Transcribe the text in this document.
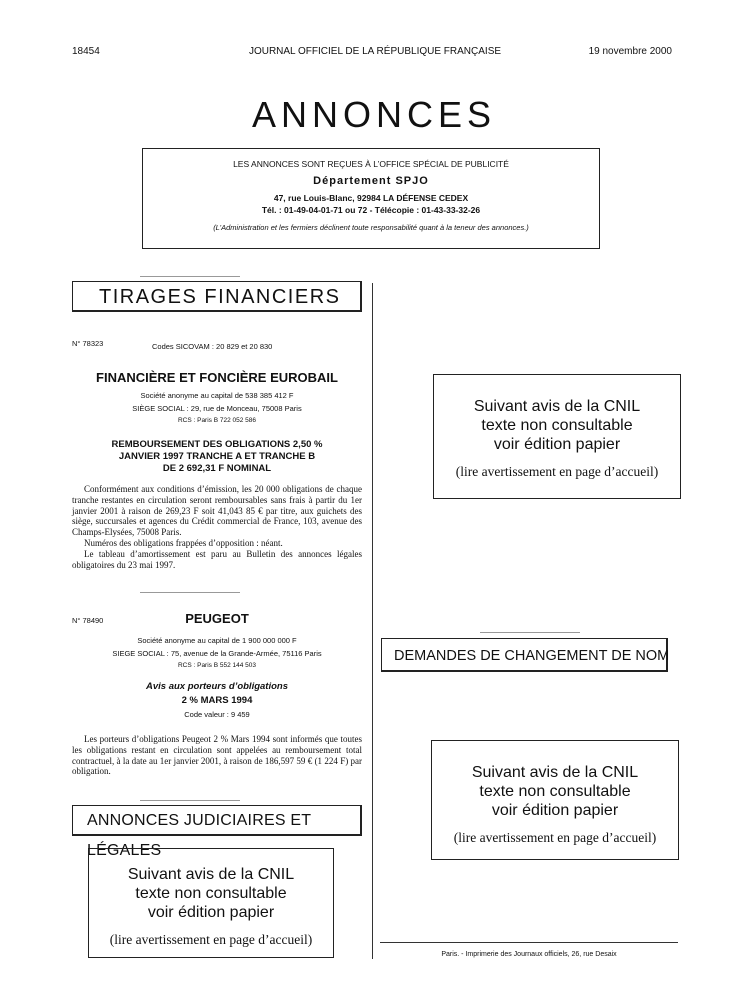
18454	JOURNAL OFFICIEL DE LA RÉPUBLIQUE FRANÇAISE	19 novembre 2000
ANNONCES
LES ANNONCES SONT REÇUES À L’OFFICE SPÉCIAL DE PUBLICITÉ
Département SPJO
47, rue Louis-Blanc, 92984 LA DÉFENSE CEDEX
Tél. : 01-49-04-01-71 ou 72 - Télécopie : 01-43-33-32-26
(L’Administration et les fermiers déclinent toute responsabilité quant à la teneur des annonces.)
TIRAGES FINANCIERS
N° 78323	Codes SICOVAM : 20 829 et 20 830
FINANCIÈRE ET FONCIÈRE EUROBAIL
Société anonyme au capital de 538 385 412 F
SIÈGE SOCIAL : 29, rue de Monceau, 75008 Paris
RCS : Paris B 722 052 586
REMBOURSEMENT DES OBLIGATIONS 2,50 %
JANVIER 1997 TRANCHE A ET TRANCHE B
DE 2 692,31 F NOMINAL
Conformément aux conditions d’émission, les 20 000 obligations de chaque tranche restantes en circulation seront remboursables sans frais à partir du 1er janvier 2001 à raison de 269,23 F soit 41,043 85 € par titre, aux guichets des siège, succursales et agences du Crédit commercial de France, 103, avenue des Champs-Elysées, 75008 Paris.
Numéros des obligations frappées d’opposition : néant.
Le tableau d’amortissement est paru au Bulletin des annonces légales obligatoires du 23 mai 1997.
N° 78490	PEUGEOT
Société anonyme au capital de 1 900 000 000 F
SIEGE SOCIAL : 75, avenue de la Grande-Armée, 75116 Paris
RCS : Paris B 552 144 503
Avis aux porteurs d’obligations
2 % MARS 1994
Code valeur : 9 459
Les porteurs d’obligations Peugeot 2 % Mars 1994 sont informés que toutes les obligations restant en circulation sont appelées au remboursement total contractuel, à la date au 1er janvier 2001, à raison de 186,597 59 € (1 224 F) par obligation.
ANNONCES JUDICIAIRES ET LÉGALES
Suivant avis de la CNIL
texte non consultable
voir édition papier
(lire avertissement en page d’accueil)
Suivant avis de la CNIL
texte non consultable
voir édition papier
(lire avertissement en page d’accueil)
DEMANDES DE CHANGEMENT DE NOM
Suivant avis de la CNIL
texte non consultable
voir édition papier
(lire avertissement en page d’accueil)
Paris. - Imprimerie des Journaux officiels, 26, rue Desaix
